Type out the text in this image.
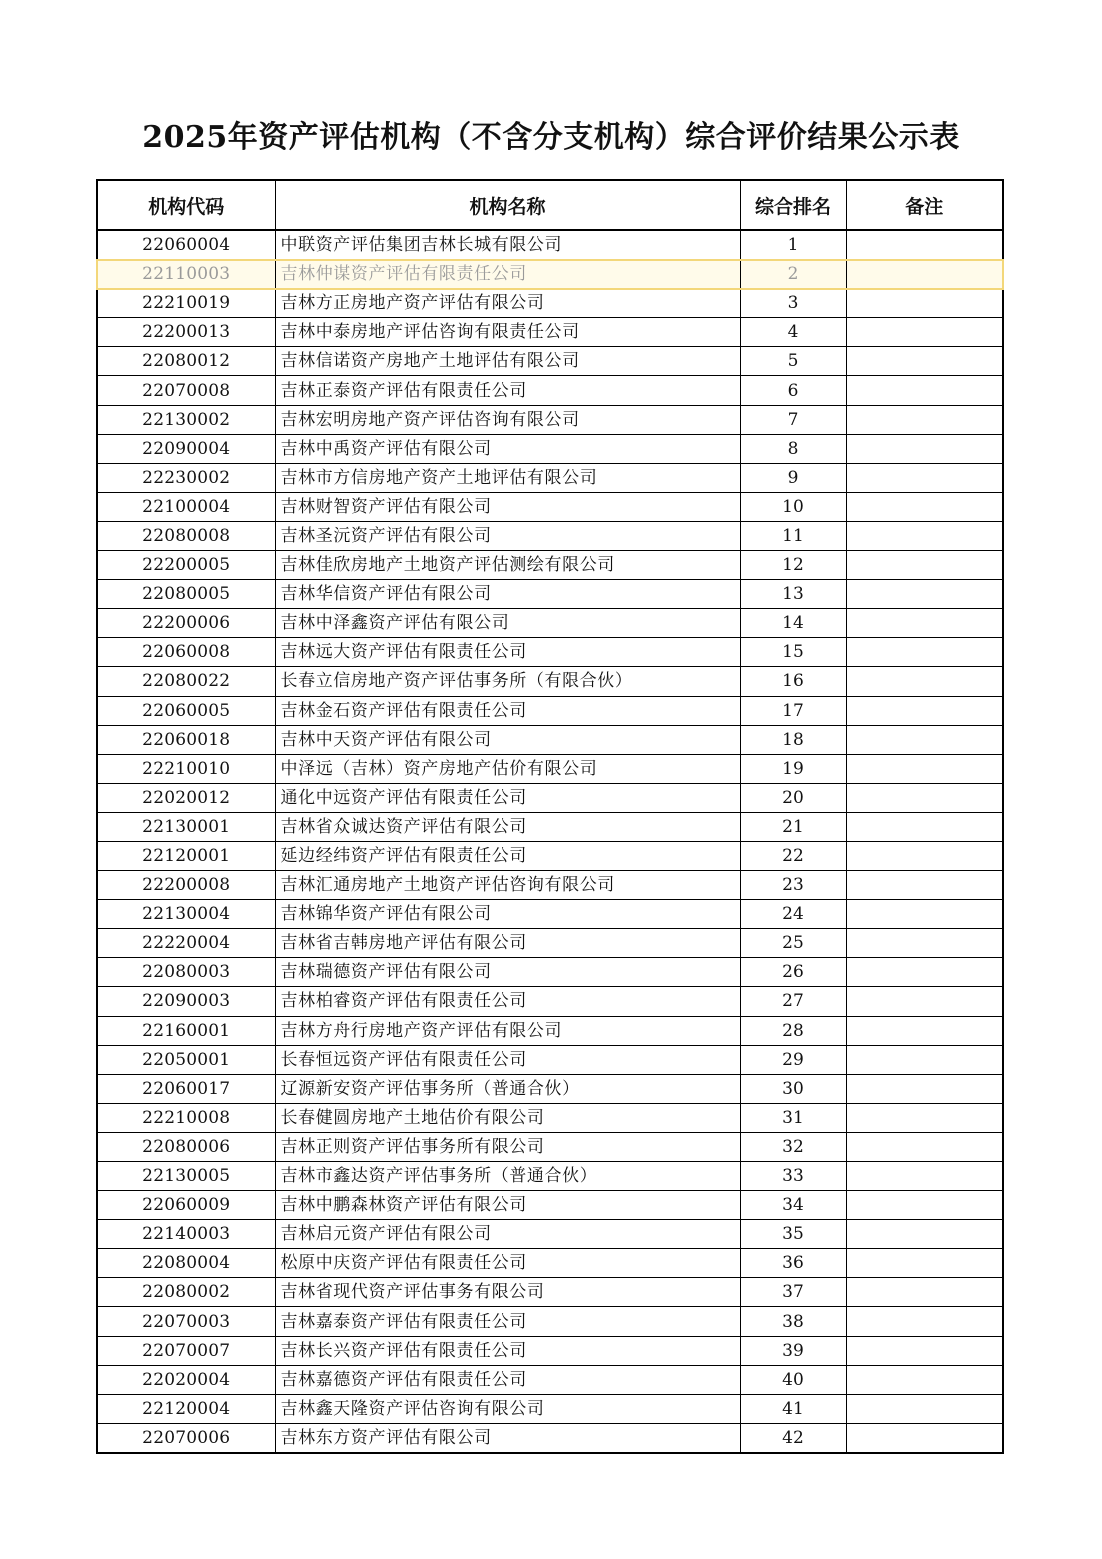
2025年资产评估机构（不含分支机构）综合评价结果公示表
机构代码	机构名称	综合排名	备注
22060004	中联资产评估集团吉林长城有限公司	1	
22110003	吉林仲谋资产评估有限责任公司	2	
22210019	吉林方正房地产资产评估有限公司	3	
22200013	吉林中泰房地产评估咨询有限责任公司	4	
22080012	吉林信诺资产房地产土地评估有限公司	5	
22070008	吉林正泰资产评估有限责任公司	6	
22130002	吉林宏明房地产资产评估咨询有限公司	7	
22090004	吉林中禹资产评估有限公司	8	
22230002	吉林市方信房地产资产土地评估有限公司	9	
22100004	吉林财智资产评估有限公司	10	
22080008	吉林圣沅资产评估有限公司	11	
22200005	吉林佳欣房地产土地资产评估测绘有限公司	12	
22080005	吉林华信资产评估有限公司	13	
22200006	吉林中泽鑫资产评估有限公司	14	
22060008	吉林远大资产评估有限责任公司	15	
22080022	长春立信房地产资产评估事务所（有限合伙）	16	
22060005	吉林金石资产评估有限责任公司	17	
22060018	吉林中天资产评估有限公司	18	
22210010	中泽远（吉林）资产房地产估价有限公司	19	
22020012	通化中远资产评估有限责任公司	20	
22130001	吉林省众诚达资产评估有限公司	21	
22120001	延边经纬资产评估有限责任公司	22	
22200008	吉林汇通房地产土地资产评估咨询有限公司	23	
22130004	吉林锦华资产评估有限公司	24	
22220004	吉林省吉韩房地产评估有限公司	25	
22080003	吉林瑞德资产评估有限公司	26	
22090003	吉林柏睿资产评估有限责任公司	27	
22160001	吉林方舟行房地产资产评估有限公司	28	
22050001	长春恒远资产评估有限责任公司	29	
22060017	辽源新安资产评估事务所（普通合伙）	30	
22210008	长春健圆房地产土地估价有限公司	31	
22080006	吉林正则资产评估事务所有限公司	32	
22130005	吉林市鑫达资产评估事务所（普通合伙）	33	
22060009	吉林中鹏森林资产评估有限公司	34	
22140003	吉林启元资产评估有限公司	35	
22080004	松原中庆资产评估有限责任公司	36	
22080002	吉林省现代资产评估事务有限公司	37	
22070003	吉林嘉泰资产评估有限责任公司	38	
22070007	吉林长兴资产评估有限责任公司	39	
22020004	吉林嘉德资产评估有限责任公司	40	
22120004	吉林鑫天隆资产评估咨询有限公司	41	
22070006	吉林东方资产评估有限公司	42	
